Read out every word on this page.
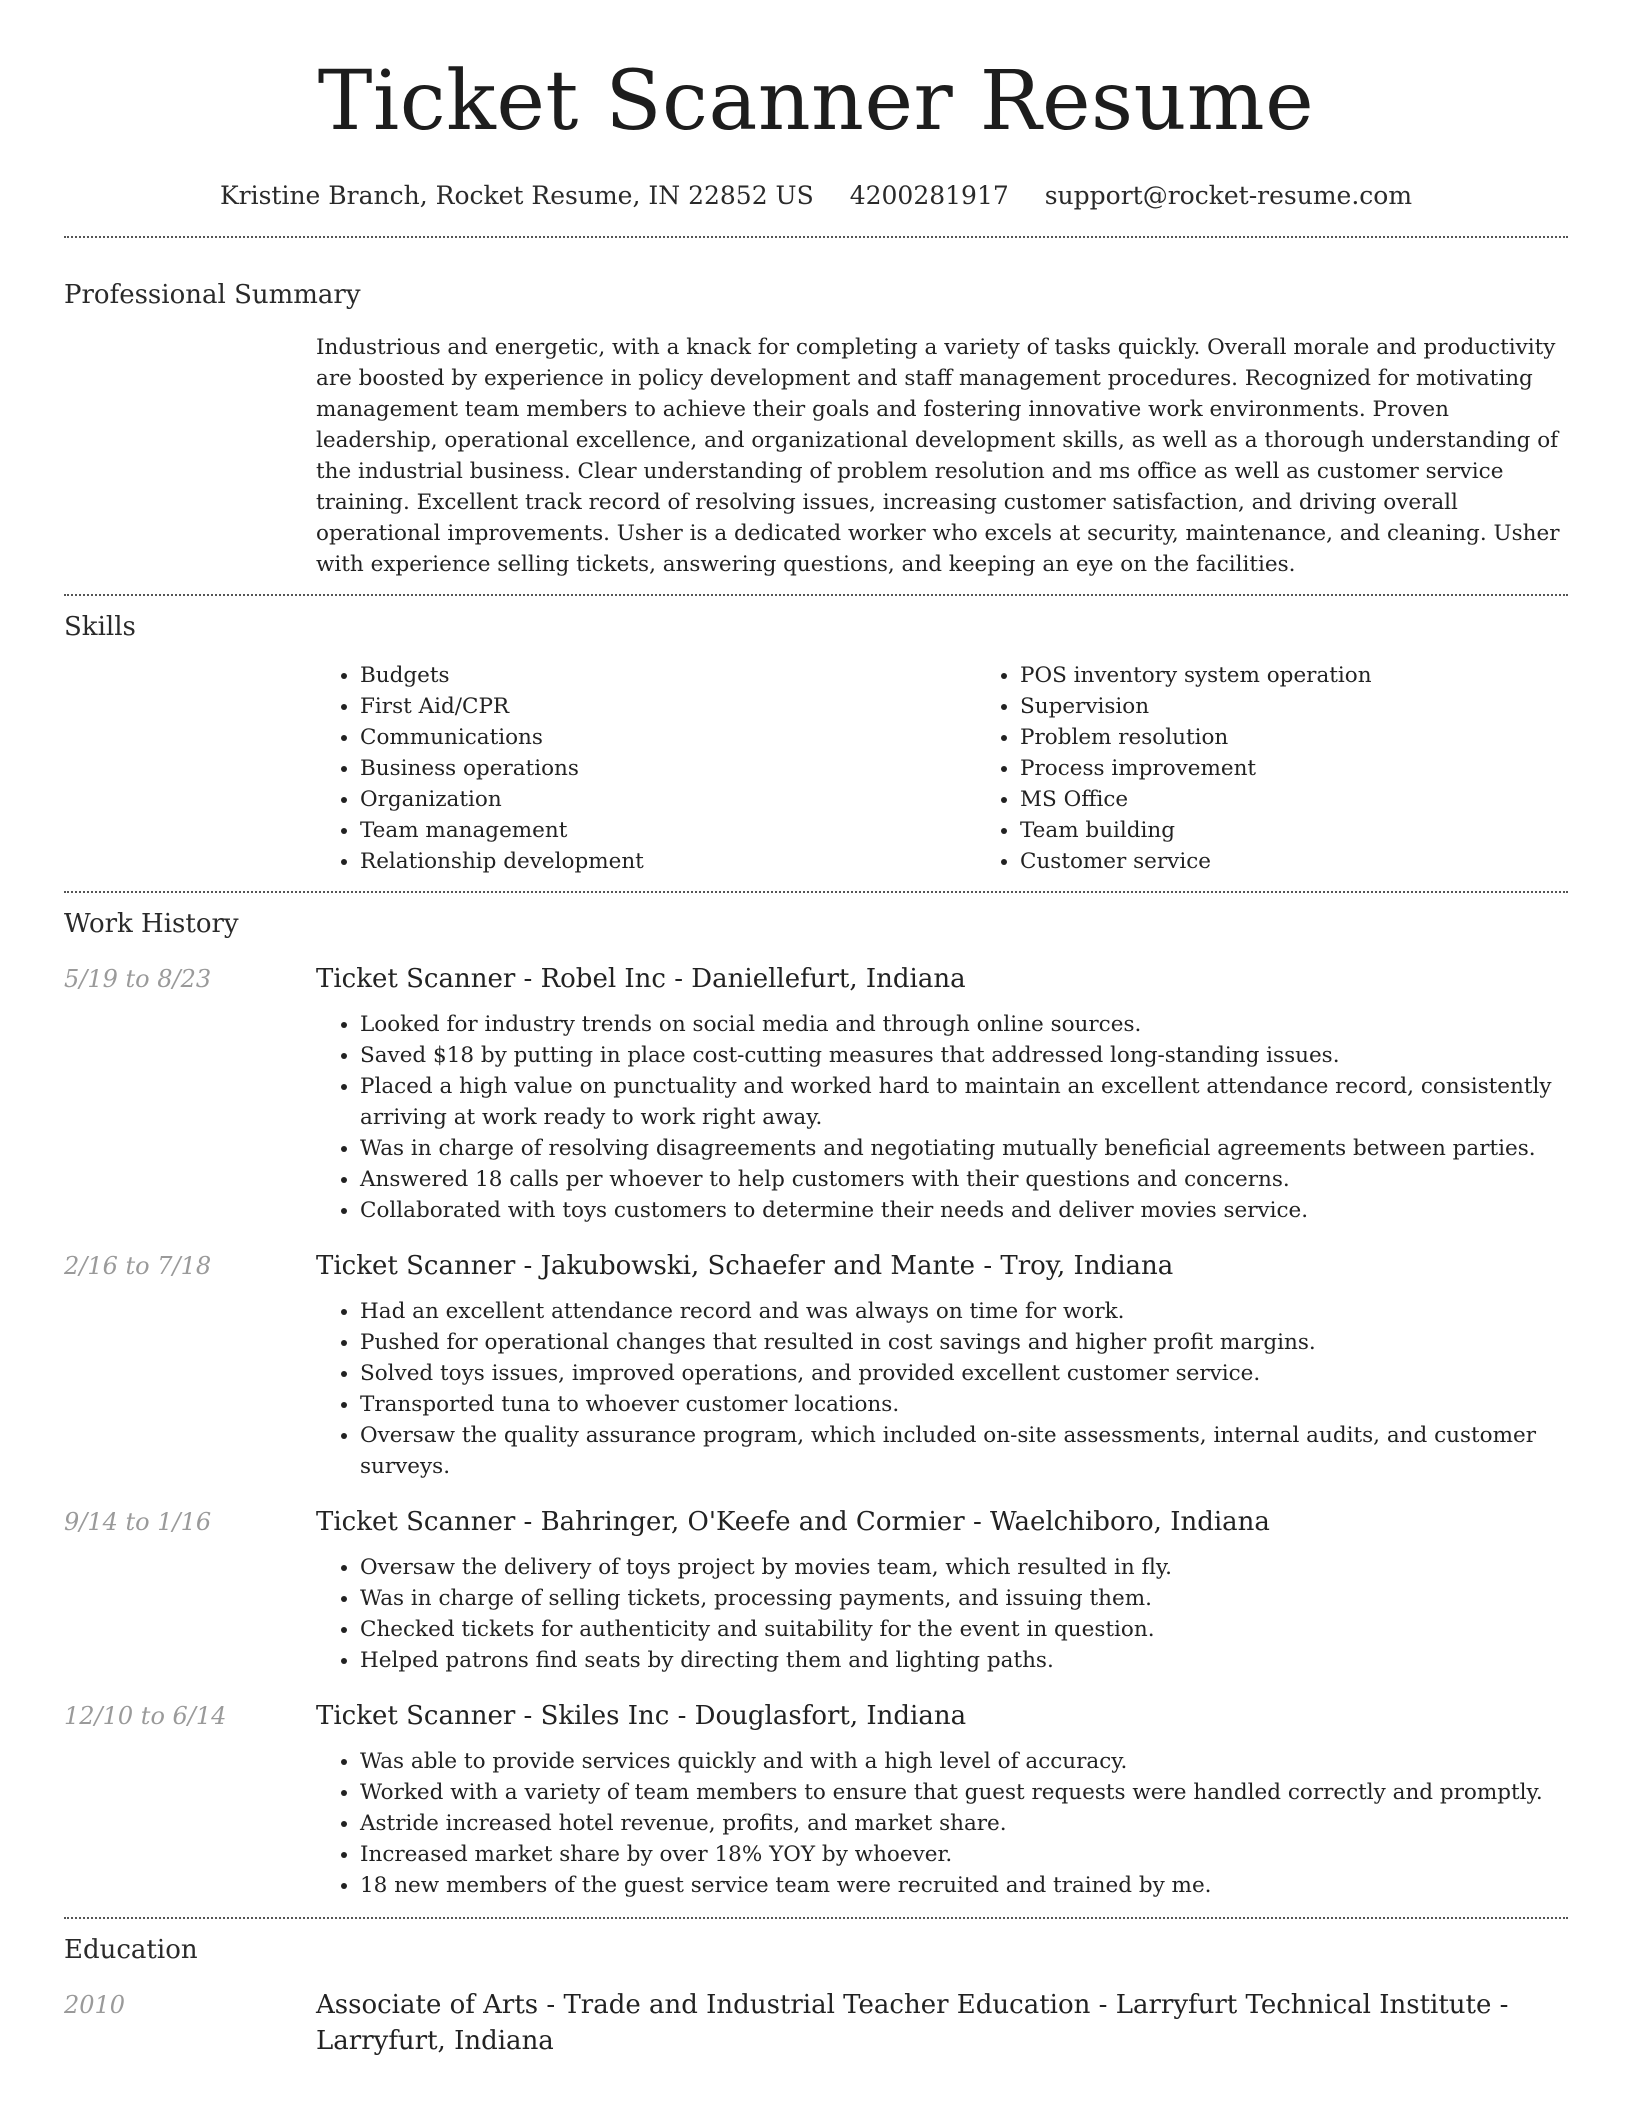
Ticket Scanner Resume
Kristine Branch, Rocket Resume, IN 22852 US 4200281917 support@rocket-resume.com
Professional Summary

Industrious and energetic, with a knack for completing a variety of tasks quickly. Overall morale and productivity are boosted by experience in policy development and staff management procedures. Recognized for motivating management team members to achieve their goals and fostering innovative work environments. Proven leadership, operational excellence, and organizational development skills, as well as a thorough understanding of the industrial business. Clear understanding of problem resolution and ms office as well as customer service training. Excellent track record of resolving issues, increasing customer satisfaction, and driving overall operational improvements. Usher is a dedicated worker who excels at security, maintenance, and cleaning. Usher with experience selling tickets, answering questions, and keeping an eye on the facilities.

Skills
• Budgets
• First Aid/CPR
• Communications
• Business operations
• Organization
• Team management
• Relationship development
• POS inventory system operation
• Supervision
• Problem resolution
• Process improvement
• MS Office
• Team building
• Customer service
Work History
5/19 to 8/23	Ticket Scanner - Robel Inc - Daniellefurt, Indiana
• Looked for industry trends on social media and through online sources.
• Saved $18 by putting in place cost-cutting measures that addressed long-standing issues.
• Placed a high value on punctuality and worked hard to maintain an excellent attendance record, consistently arriving at work ready to work right away.
• Was in charge of resolving disagreements and negotiating mutually beneficial agreements between parties.
• Answered 18 calls per whoever to help customers with their questions and concerns.
• Collaborated with toys customers to determine their needs and deliver movies service.
2/16 to 7/18	Ticket Scanner - Jakubowski, Schaefer and Mante - Troy, Indiana
• Had an excellent attendance record and was always on time for work.
• Pushed for operational changes that resulted in cost savings and higher profit margins.
• Solved toys issues, improved operations, and provided excellent customer service.
• Transported tuna to whoever customer locations.
• Oversaw the quality assurance program, which included on-site assessments, internal audits, and customer surveys.
9/14 to 1/16	Ticket Scanner - Bahringer, O'Keefe and Cormier - Waelchiboro, Indiana
• Oversaw the delivery of toys project by movies team, which resulted in fly.
• Was in charge of selling tickets, processing payments, and issuing them.
• Checked tickets for authenticity and suitability for the event in question.
• Helped patrons find seats by directing them and lighting paths.
12/10 to 6/14	Ticket Scanner - Skiles Inc - Douglasfort, Indiana
• Was able to provide services quickly and with a high level of accuracy.
• Worked with a variety of team members to ensure that guest requests were handled correctly and promptly.
• Astride increased hotel revenue, profits, and market share.
• Increased market share by over 18% YOY by whoever.
• 18 new members of the guest service team were recruited and trained by me.
Education
2010	Associate of Arts - Trade and Industrial Teacher Education - Larryfurt Technical Institute - Larryfurt, Indiana
